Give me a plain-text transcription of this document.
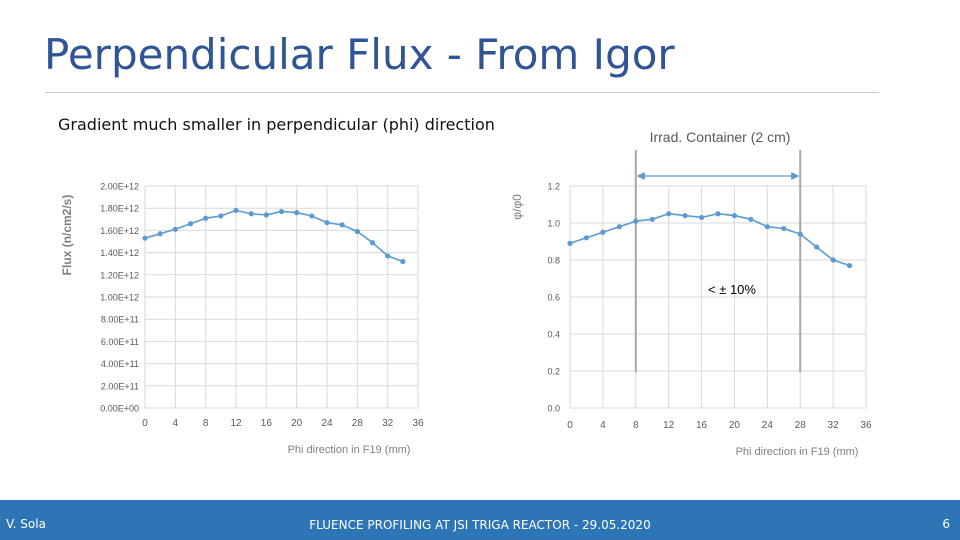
Perpendicular Flux - From Igor
Gradient much smaller in perpendicular (phi) direction
0.00E+00
2.00E+11
4.00E+11
6.00E+11
8.00E+11
1.00E+12
1.20E+12
1.40E+12
1.60E+12
1.80E+12
2.00E+12
0 4 8 12 16 20 24 28 32 36
Flux (n/cm2/s)
Phi direction in F19 (mm)
0.0
0.2
0.4
0.6
0.8
1.0
1.2
0	4	8 12 16 20 24 28 32 36
φ/φ0
Phi direction in F19 (mm)
Irrad. Container (2 cm)
< ± 10%
V. Sola	FLUENCE PROFILING AT JSI TRIGA REACTOR - 29.05.2020	6
